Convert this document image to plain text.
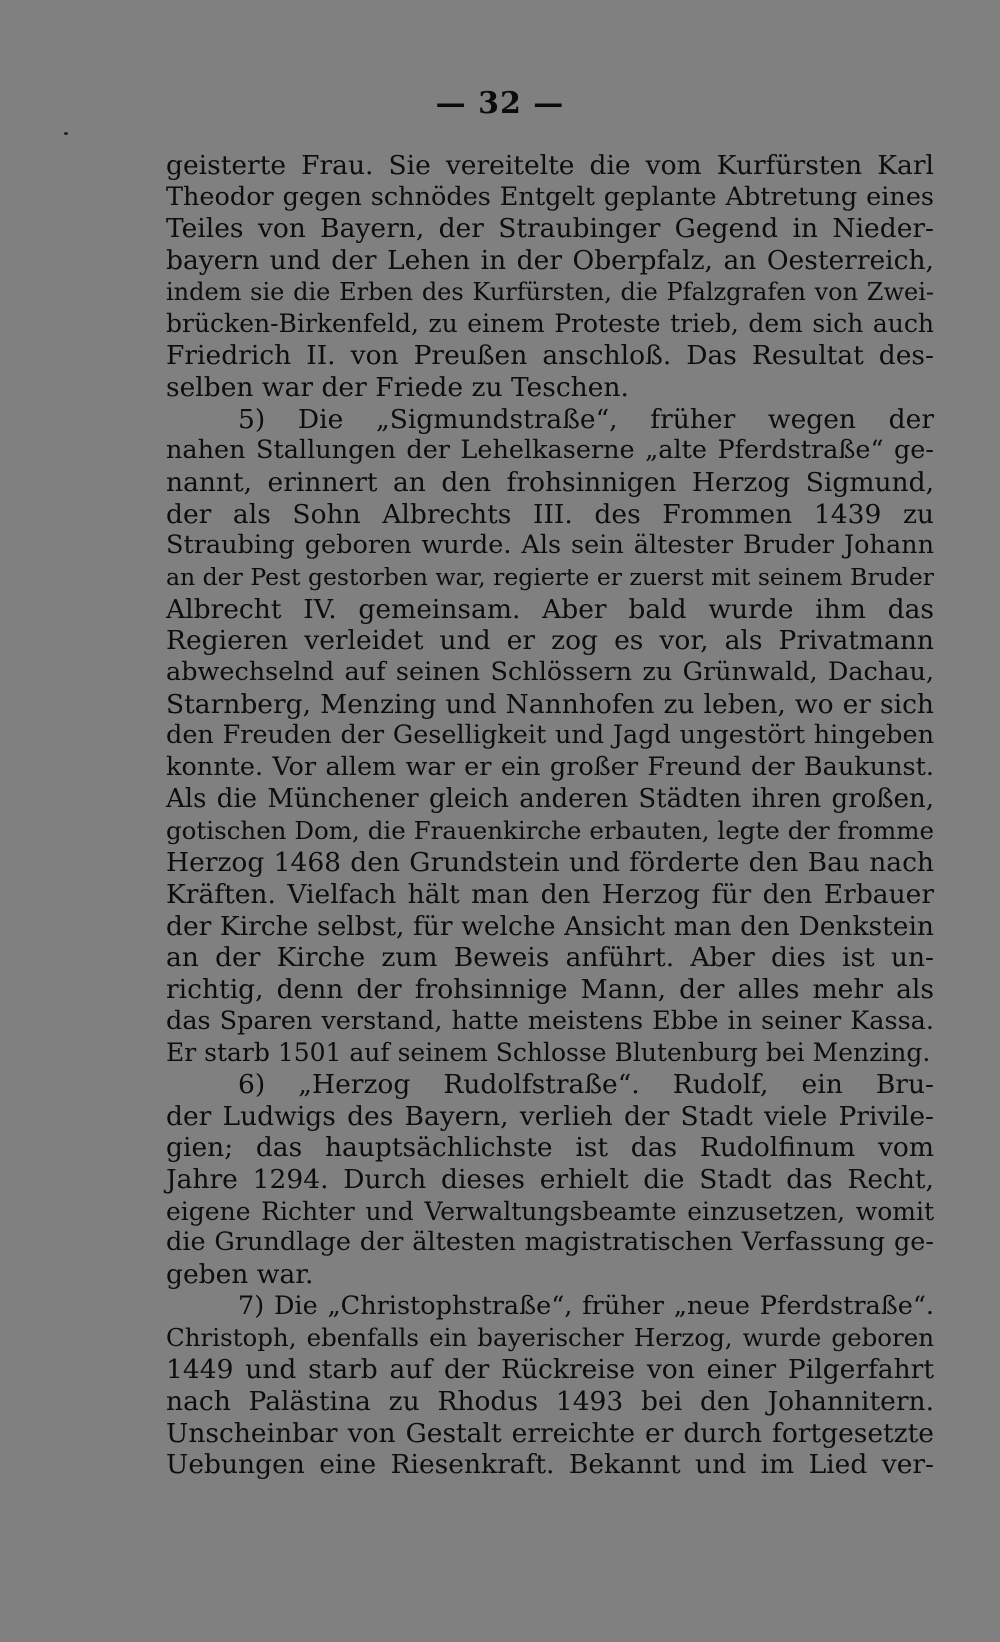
— 32 —
geisterte Frau. Sie vereitelte die vom Kurfürsten Karl
Theodor gegen schnödes Entgelt geplante Abtretung eines
Teiles von Bayern, der Straubinger Gegend in Nieder-
bayern und der Lehen in der Oberpfalz, an Oesterreich,
indem sie die Erben des Kurfürsten, die Pfalzgrafen von Zwei-
brücken-Birkenfeld, zu einem Proteste trieb, dem sich auch
Friedrich II. von Preußen anschloß. Das Resultat des-
selben war der Friede zu Teschen.
5) Die „Sigmundstraße“, früher wegen der
nahen Stallungen der Lehelkaserne „alte Pferdstraße“ ge-
nannt, erinnert an den frohsinnigen Herzog Sigmund,
der als Sohn Albrechts III. des Frommen 1439 zu
Straubing geboren wurde. Als sein ältester Bruder Johann
an der Pest gestorben war, regierte er zuerst mit seinem Bruder
Albrecht IV. gemeinsam. Aber bald wurde ihm das
Regieren verleidet und er zog es vor, als Privatmann
abwechselnd auf seinen Schlössern zu Grünwald, Dachau,
Starnberg, Menzing und Nannhofen zu leben, wo er sich
den Freuden der Geselligkeit und Jagd ungestört hingeben
konnte. Vor allem war er ein großer Freund der Baukunst.
Als die Münchener gleich anderen Städten ihren großen,
gotischen Dom, die Frauenkirche erbauten, legte der fromme
Herzog 1468 den Grundstein und förderte den Bau nach
Kräften. Vielfach hält man den Herzog für den Erbauer
der Kirche selbst, für welche Ansicht man den Denkstein
an der Kirche zum Beweis anführt. Aber dies ist un-
richtig, denn der frohsinnige Mann, der alles mehr als
das Sparen verstand, hatte meistens Ebbe in seiner Kassa.
Er starb 1501 auf seinem Schlosse Blutenburg bei Menzing.
6) „Herzog Rudolfstraße“. Rudolf, ein Bru-
der Ludwigs des Bayern, verlieh der Stadt viele Privile-
gien; das hauptsächlichste ist das Rudolfinum vom
Jahre 1294. Durch dieses erhielt die Stadt das Recht,
eigene Richter und Verwaltungsbeamte einzusetzen, womit
die Grundlage der ältesten magistratischen Verfassung ge-
geben war.
7) Die „Christophstraße“, früher „neue Pferdstraße“.
Christoph, ebenfalls ein bayerischer Herzog, wurde geboren
1449 und starb auf der Rückreise von einer Pilgerfahrt
nach Palästina zu Rhodus 1493 bei den Johannitern.
Unscheinbar von Gestalt erreichte er durch fortgesetzte
Uebungen eine Riesenkraft. Bekannt und im Lied ver-
